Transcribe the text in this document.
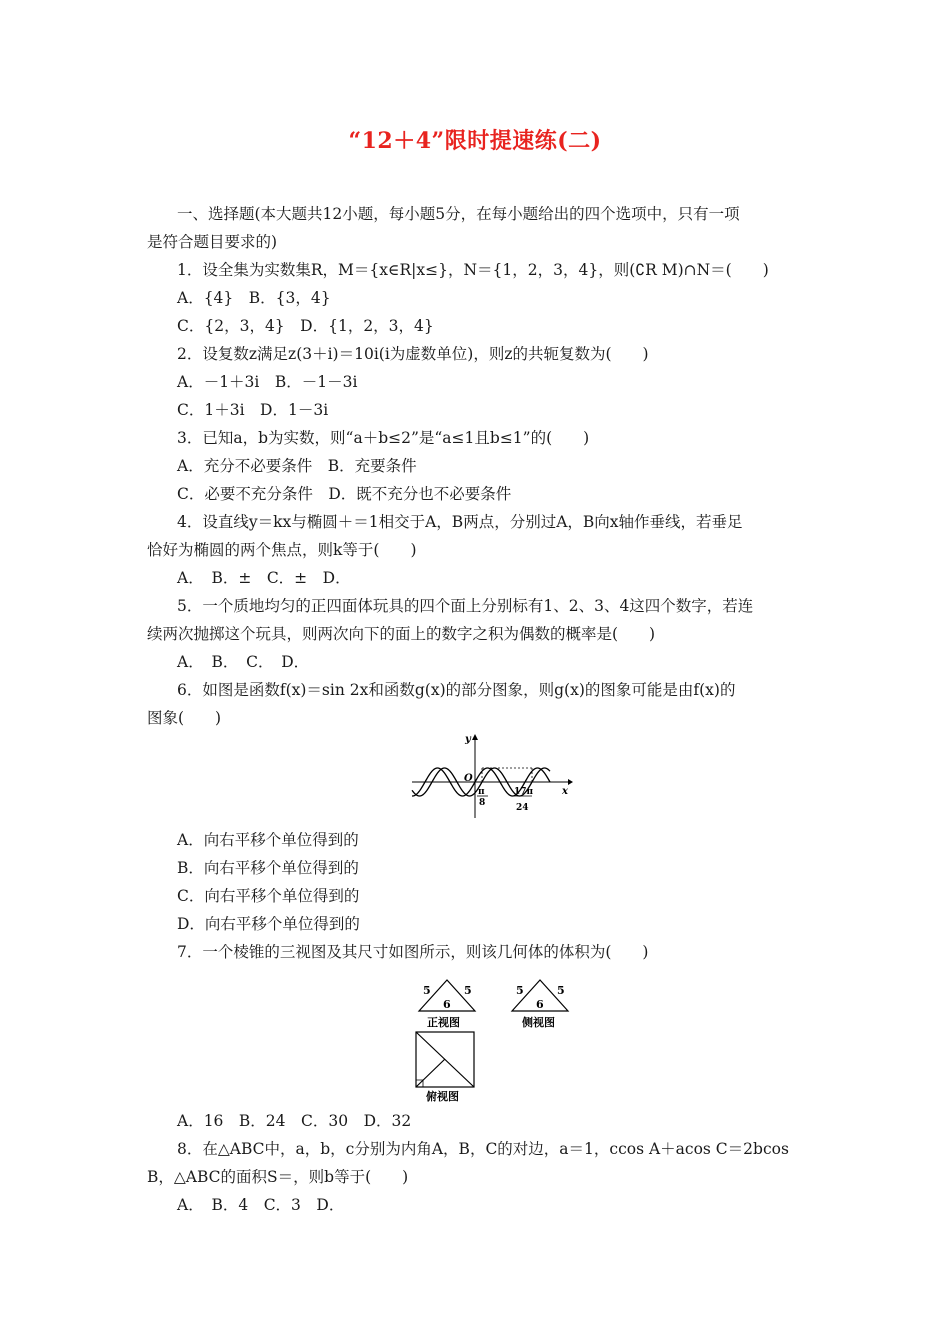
“12＋4”限时提速练(二)
一、选择题(本大题共12小题，每小题5分，在每小题给出的四个选项中，只有一项
是符合题目要求的)
1．设全集为实数集R，M＝{x∈R|x≤}，N＝{1，2，3，4}，则(∁R M)∩N＝(　　)
A．{4}　B．{3，4}
C．{2，3，4}　D．{1，2，3，4}
2．设复数z满足z(3＋i)＝10i(i为虚数单位)，则z的共轭复数为(　　)
A．－1＋3i　B．－1－3i
C．1＋3i　D．1－3i
3．已知a，b为实数，则“a＋b≤2”是“a≤1且b≤1”的(　　)
A．充分不必要条件　B．充要条件
C．必要不充分条件　D．既不充分也不必要条件
4．设直线y＝kx与椭圆＋＝1相交于A，B两点，分别过A，B向x轴作垂线，若垂足
恰好为椭圆的两个焦点，则k等于(　　)
A．　B．±　C．±　D．
5．一个质地均匀的正四面体玩具的四个面上分别标有1、2、3、4这四个数字，若连
续两次抛掷这个玩具，则两次向下的面上的数字之积为偶数的概率是(　　)
A．　B．　C．　D．
6．如图是函数f(x)＝sin 2x和函数g(x)的部分图象，则g(x)的图象可能是由f(x)的
图象(　　)
y
x
O
π
8
17π
24
A．向右平移个单位得到的
B．向右平移个单位得到的
C．向右平移个单位得到的
D．向右平移个单位得到的
7．一个棱锥的三视图及其尺寸如图所示，则该几何体的体积为(　　)
5	5
6
正视图
5	5
6
侧视图
俯视图
A．16　B．24　C．30　D．32
8．在△ABC中，a，b，c分别为内角A，B，C的对边，a＝1，ccos A＋acos C＝2bcos
B，△ABC的面积S＝，则b等于(　　)
A．　B．4　C．3　D．
